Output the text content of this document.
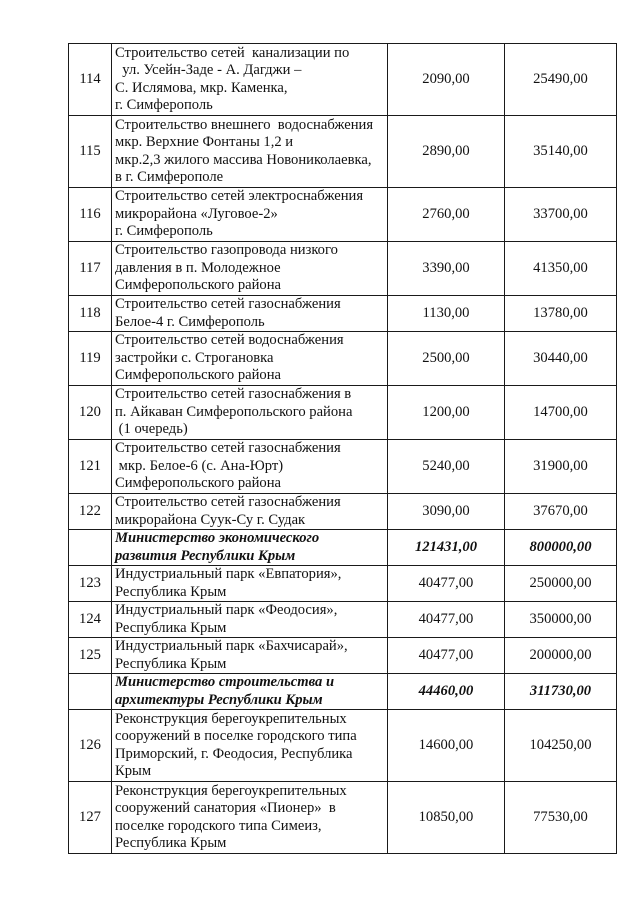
114	Строительство сетей  канализации по
ул. Усейн-Заде - А. Дагджи –
С. Ислямова, мкр. Каменка,
г. Симферополь	2090,00	25490,00
115	Строительство внешнего  водоснабжения
мкр. Верхние Фонтаны 1,2 и
мкр.2,3 жилого массива Новониколаевка,
в г. Симферополе	2890,00	35140,00
116	Строительство сетей электроснабжения
микрорайона «Луговое-2»
г. Симферополь	2760,00	33700,00
117	Строительство газопровода низкого
давления в п. Молодежное
Симферопольского района	3390,00	41350,00
118	Строительство сетей газоснабжения
Белое-4 г. Симферополь	1130,00	13780,00
119	Строительство сетей водоснабжения
застройки с. Строгановка
Симферопольского района	2500,00	30440,00
120	Строительство сетей газоснабжения в
п. Айкаван Симферопольского района
(1 очередь)	1200,00	14700,00
121	Строительство сетей газоснабжения
мкр. Белое-6 (с. Ана-Юрт)
Симферопольского района	5240,00	31900,00
122	Строительство сетей газоснабжения
микрорайона Суук-Су г. Судак	3090,00	37670,00

	Министерство экономического
развития Республики Крым	121431,00	800000,00
123	Индустриальный парк «Евпатория»,
Республика Крым	40477,00	250000,00
124	Индустриальный парк «Феодосия»,
Республика Крым	40477,00	350000,00
125	Индустриальный парк «Бахчисарай»,
Республика Крым	40477,00	200000,00

	Министерство строительства и
архитектуры Республики Крым	44460,00	311730,00
126	Реконструкция берегоукрепительных
сооружений в поселке городского типа
Приморский, г. Феодосия, Республика
Крым	14600,00	104250,00
127	Реконструкция берегоукрепительных
сооружений санатория «Пионер»  в
поселке городского типа Симеиз,
Республика Крым	10850,00	77530,00
